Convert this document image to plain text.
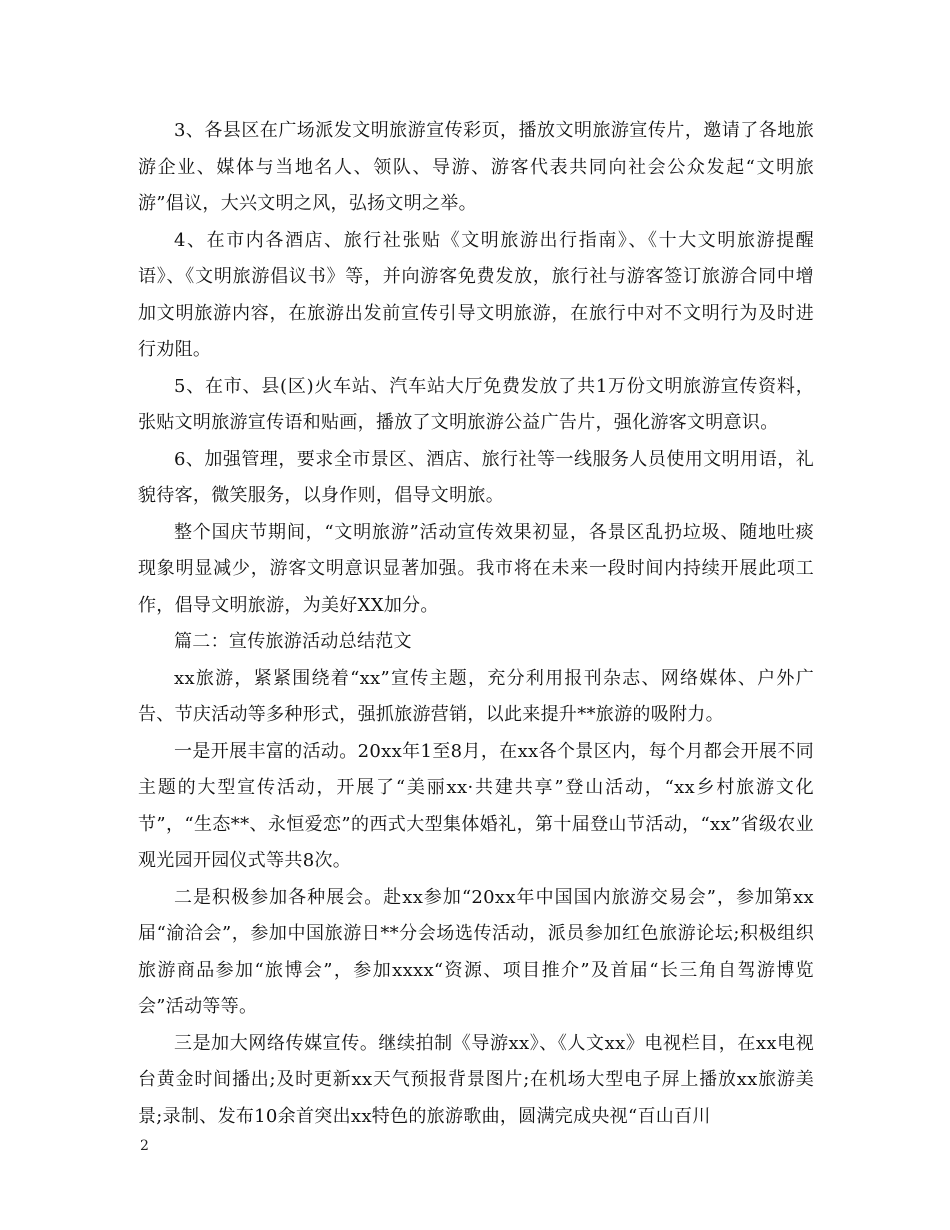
3、各县区在广场派发文明旅游宣传彩页，播放文明旅游宣传片，邀请了各地旅游企业、媒体与当地名人、领队、导游、游客代表共同向社会公众发起“文明旅游”倡议，大兴文明之风，弘扬文明之举。

4、在市内各酒店、旅行社张贴《文明旅游出行指南》、《十大文明旅游提醒语》、《文明旅游倡议书》等，并向游客免费发放，旅行社与游客签订旅游合同中增加文明旅游内容，在旅游出发前宣传引导文明旅游，在旅行中对不文明行为及时进行劝阻。

5、在市、县(区)火车站、汽车站大厅免费发放了共1万份文明旅游宣传资料，张贴文明旅游宣传语和贴画，播放了文明旅游公益广告片，强化游客文明意识。

6、加强管理，要求全市景区、酒店、旅行社等一线服务人员使用文明用语，礼貌待客，微笑服务，以身作则，倡导文明旅。

整个国庆节期间，“文明旅游”活动宣传效果初显，各景区乱扔垃圾、随地吐痰现象明显减少，游客文明意识显著加强。我市将在未来一段时间内持续开展此项工作，倡导文明旅游，为美好XX加分。

篇二：宣传旅游活动总结范文

xx旅游，紧紧围绕着“xx”宣传主题，充分利用报刊杂志、网络媒体、户外广告、节庆活动等多种形式，强抓旅游营销，以此来提升**旅游的吸附力。

一是开展丰富的活动。20xx年1至8月，在xx各个景区内，每个月都会开展不同主题的大型宣传活动，开展了“美丽xx·共建共享”登山活动，“xx乡村旅游文化节”，“生态**、永恒爱恋”的西式大型集体婚礼，第十届登山节活动，“xx”省级农业观光园开园仪式等共8次。

二是积极参加各种展会。赴xx参加“20xx年中国国内旅游交易会”，参加第xx届“渝洽会”，参加中国旅游日**分会场选传活动，派员参加红色旅游论坛;积极组织旅游商品参加“旅博会”，参加xxxx“资源、项目推介”及首届“长三角自驾游博览会”活动等等。

三是加大网络传媒宣传。继续拍制《导游xx》、《人文xx》电视栏目，在xx电视台黄金时间播出;及时更新xx天气预报背景图片;在机场大型电子屏上播放xx旅游美景;录制、发布10余首突出xx特色的旅游歌曲，圆满完成央视“百山百川

2
